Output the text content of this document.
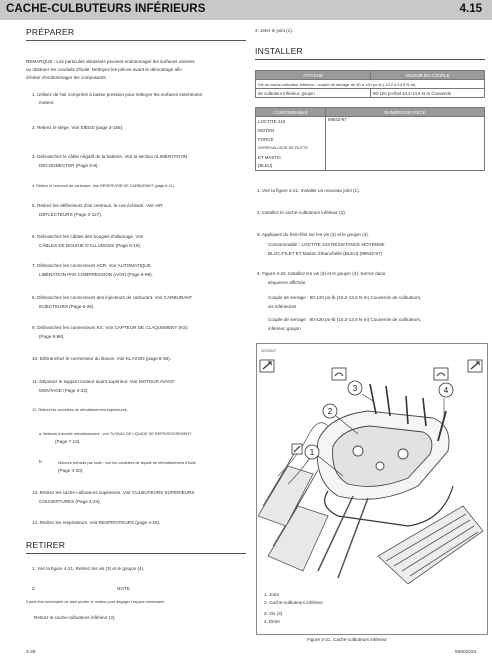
CACHE-CULBUTEURS INFÉRIEURS	4.15
PRÉPARER
REMARQUE : Les particules abrasives peuvent endommager les surfaces usinées
ou obstruer les conduits d'huile. Nettoyez les pièces avant le démontage afin
d'éviter d'endommager les composants.
1. Utilisez de l'air comprimé à basse pression pour nettoyer les surfaces extérieures
moteur.
2. Retirez le siège. Voir SIÈGE (page 3-156).
3. Débranchez le câble négatif de la batterie. Voir la section ALIMENTATION
DÉCONNECTER (Page 8-8).
4. Retirez le réservoir de carburant. Voir RÉSERVOIR DE CARBURANT (page 6-11).
5. Retirez les déflecteurs d'air centraux, le cas échéant. Voir AIR
DÉFLECTEURS (Page 3-127).
6. Débranchez les câbles des bougies d'allumage. Voir
CÂBLES DE BOUGIE D'ALLUMAGE (Page 8-19).
7. Débranchez les connecteurs ACR. Voir AUTOMATIQUE
LIBÉRATION PAR COMPRESSION (ACR) (Page 6-99).
8. Débranchez les connecteurs des injecteurs de carburant. Voir CARBURANT
INJECTEURS (Page 6-26).
9. Débranchez les connecteurs KS. Voir CAPTEUR DE CLAQUEMENT (KS)
(Page 8-98).
10. Débranchez le connecteur du klaxon. Voir KLAXON (page 8-38).
11. Déposez le support moteur avant supérieur. Voir MOTEUR AVANT
MONTAGE (Page 4-22).
12. Retirez les conduites de refroidissement supérieures.
a. Moteurs à double refroidissement : voir TUYAUX DE LIQUIDE DE REFROIDISSEMENT
(Page 7-13).
b.	Moteurs refroidis par huile : voir les conduites de liquide de refroidissement d'huile
(Page 4-20).
13. Retirez les cache-culbuteurs supérieurs. Voir CULBUTEURS SUPÉRIEURS
COUVERTURES (Page 4-24).
14. Retirez les respirateurs. Voir RESPIRATEURS (page 4-26).
RETIRER
1. Voir la figure 4-21. Retirez les vis (3) et le goujon (4).
2.	NOTE
Il peut être nécessaire de faire pivoter le moteur pour dégager l'espace nécessaire.
Retirez le cache-culbuteurs inférieur (2).
3. Jeter le joint (1).
INSTALLER
ATTACHE	VALEUR DU COUPLE
Vis du cache-culbuteur inférieur : couple de serrage de 90 à 120 po-lb ( 10,2 à 13,6 N·m),	
de culbuteur inférieur, goujon	90-120 po-lbsl 10,2-13,6 N·m Couvercle
CONSOMMABLE	NUMÉRO DE PIÈCE
LOCTITE 243	99642-97
MOYEN	
FORCE	
VERROUILLEUR DE FILETS	
ET MASTIC	
(BLEU)	
1. Voir la figure 4-21. Installer un nouveau joint (1).
2. Installez le cache-culbuteurs inférieur (2).
3. Appliquez du frein-filet sur les vis (3) et le goujon (4).
Consommable : LOCTITE 243 RÉSISTANCE MOYENNE
BLOC-FILET ET Mastic d'étanchéité (BLEU) (99642-97)
4. Figure 4-22. Installez les vis (3) et le goujon (4). Serrez dans
séquence affichée.
Couple de serrage : 90-120 po-lb (10,2-13,6 N·m) Couvercle de culbuteurs,
vis inférieures
Couple de serrage : 90-120 po-lb (10,2-13,6 N·m) Couvercle de culbuteurs,
inférieur, goujon
1170017
1
2
3	4
1. Joint
2. Cache-culbuteurs inférieur
3. Vis (4)
4. Étrier
Figure 4-21. Cache-culbuteurs inférieur
4-28	94001024
